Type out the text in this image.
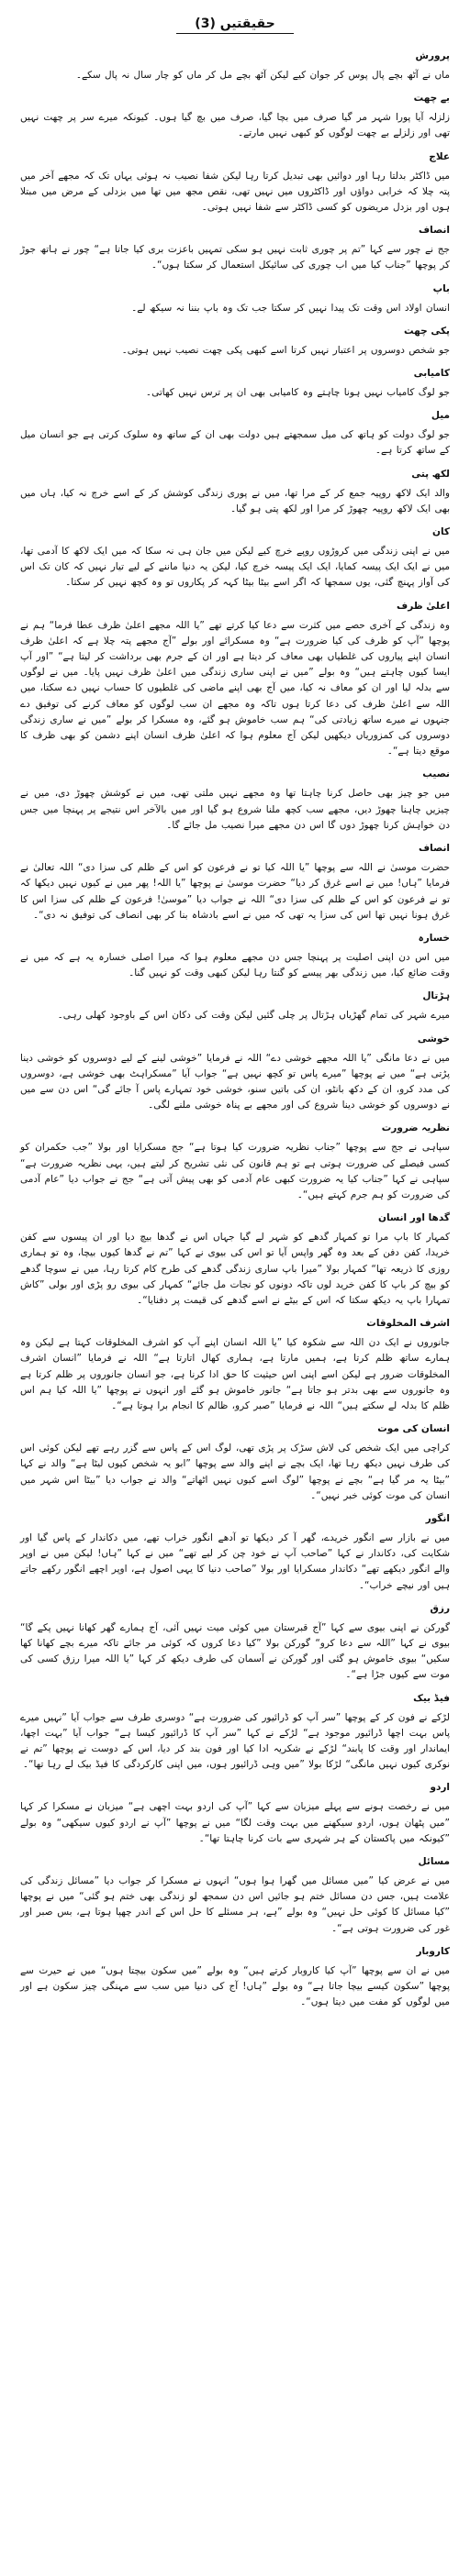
حقیقتیں (3)
پرورش

ماں نے آٹھ بچے پال پوس کر جوان کیے لیکن آٹھ بچے مل کر ماں کو چار سال نہ پال سکے۔

بے چھت

زلزلہ آیا پورا شہر مر گیا صرف میں بچا گیا، صرف میں بچ گیا ہوں۔ کیونکہ میرے سر پر چھت نہیں تھی اور زلزلے بے چھت لوگوں کو کبھی نہیں مارتے۔

علاج

میں ڈاکٹر بدلتا رہا اور دوائیں بھی تبدیل کرتا رہا لیکن شفا نصیب نہ ہوئی یہاں تک کہ مجھے آخر میں پتہ چلا کہ خرابی دواؤں اور ڈاکٹروں میں نہیں تھی، نقص مجھ میں تھا میں بزدلی کے مرض میں مبتلا ہوں اور بزدل مریضوں کو کسی ڈاکٹر سے شفا نہیں ہوتی۔

انصاف

جج نے چور سے کہا ”تم پر چوری ثابت نہیں ہو سکی تمہیں باعزت بری کیا جاتا ہے“ چور نے ہاتھ جوڑ کر پوچھا ”جناب کیا میں اب چوری کی سائیکل استعمال کر سکتا ہوں“۔

باپ

انسان اولاد اس وقت تک پیدا نہیں کر سکتا جب تک وہ باپ بننا نہ سیکھ لے۔

پکی چھت

جو شخص دوسروں پر اعتبار نہیں کرتا اسے کبھی پکی چھت نصیب نہیں ہوتی۔

کامیابی

جو لوگ کامیاب نہیں ہونا چاہتے وہ کامیابی بھی ان پر ترس نہیں کھاتی۔

میل

جو لوگ دولت کو ہاتھ کی میل سمجھتے ہیں دولت بھی ان کے ساتھ وہ سلوک کرتی ہے جو انسان میل کے ساتھ کرتا ہے۔

لکھ پتی

والد ایک لاکھ روپیہ جمع کر کے مرا تھا، میں نے پوری زندگی کوشش کر کے اسے خرچ نہ کیا، ہاں میں بھی ایک لاکھ روپیہ چھوڑ کر مرا اور لکھ پتی ہو گیا۔

کان

میں نے اپنی زندگی میں کروڑوں روپے خرچ کیے لیکن میں جان ہی نہ سکا کہ میں ایک لاکھ کا آدمی تھا، میں نے ایک ایک پیسہ کمایا، ایک ایک پیسہ خرچ کیا، لیکن یہ دنیا ماننے کے لیے تیار نہیں کہ کان تک اس کی آواز پہنچ گئی، یوں سمجھا کہ اگر اسے بیٹا بیٹا کہہ کر پکاروں تو وہ کچھ نہیں کر سکتا۔

اعلیٰ ظرف

وہ زندگی کے آخری حصے میں کثرت سے دعا کیا کرتے تھے ”یا اللہ مجھے اعلیٰ ظرف عطا فرما“ ہم نے پوچھا ”آپ کو ظرف کی کیا ضرورت ہے“ وہ مسکرائے اور بولے ”آج مجھے پتہ چلا ہے کہ اعلیٰ ظرف انسان اپنے پیاروں کی غلطیاں بھی معاف کر دیتا ہے اور ان کے جرم بھی برداشت کر لیتا ہے“ ”اور آپ ایسا کیوں چاہتے ہیں“ وہ بولے ”میں نے اپنی ساری زندگی میں اعلیٰ ظرف نہیں پایا۔ میں نے لوگوں سے بدلہ لیا اور ان کو معاف نہ کیا، میں آج بھی اپنے ماضی کی غلطیوں کا حساب نہیں دے سکتا، میں اللہ سے اعلیٰ ظرف کی دعا کرتا ہوں تاکہ وہ مجھے ان سب لوگوں کو معاف کرنے کی توفیق دے جنہوں نے میرے ساتھ زیادتی کی“ ہم سب خاموش ہو گئے، وہ مسکرا کر بولے ”میں نے ساری زندگی دوسروں کی کمزوریاں دیکھیں لیکن آج معلوم ہوا کہ اعلیٰ ظرف انسان اپنے دشمن کو بھی ظرف کا موقع دیتا ہے“۔

نصیب

میں جو چیز بھی حاصل کرنا چاہتا تھا وہ مجھے نہیں ملتی تھی، میں نے کوشش چھوڑ دی، میں نے چیزیں چاہنا چھوڑ دیں، مجھے سب کچھ ملنا شروع ہو گیا اور میں بالآخر اس نتیجے پر پہنچا میں جس دن خواہش کرنا چھوڑ دوں گا اس دن مجھے میرا نصیب مل جائے گا۔

انصاف

حضرت موسیٰ نے اللہ سے پوچھا ”یا اللہ کیا تو نے فرعون کو اس کے ظلم کی سزا دی“ اللہ تعالیٰ نے فرمایا ”ہاں! میں نے اسے غرق کر دیا“ حضرت موسیٰ نے پوچھا ”یا اللہ! پھر میں نے کیوں نہیں دیکھا کہ تو نے فرعون کو اس کے ظلم کی سزا دی“ اللہ نے جواب دیا ”موسیٰ! فرعون کے ظلم کی سزا اس کا غرق ہونا نہیں تھا اس کی سزا یہ تھی کہ میں نے اسے بادشاہ بنا کر بھی انصاف کی توفیق نہ دی“۔

خسارہ

میں اس دن اپنی اصلیت پر پہنچا جس دن مجھے معلوم ہوا کہ میرا اصلی خسارہ یہ ہے کہ میں نے وقت ضائع کیا، میں زندگی بھر پیسے کو گنتا رہا لیکن کبھی وقت کو نہیں گنا۔

ہڑتال

میرے شہر کی تمام گھڑیاں ہڑتال پر چلی گئیں لیکن وقت کی دکان اس کے باوجود کھلی رہی۔

خوشی

میں نے دعا مانگی ”یا اللہ مجھے خوشی دے“ اللہ نے فرمایا ”خوشی لینے کے لیے دوسروں کو خوشی دینا پڑتی ہے“ میں نے پوچھا ”میرے پاس تو کچھ نہیں ہے“ جواب آیا ”مسکراہٹ بھی خوشی ہے، دوسروں کی مدد کرو، ان کے دکھ بانٹو، ان کی باتیں سنو، خوشی خود تمہارے پاس آ جائے گی“ اس دن سے میں نے دوسروں کو خوشی دینا شروع کی اور مجھے بے پناہ خوشی ملنے لگی۔

نظریہ ضرورت

سپاہی نے جج سے پوچھا ”جناب نظریہ ضرورت کیا ہوتا ہے“ جج مسکرایا اور بولا ”جب حکمران کو کسی فیصلے کی ضرورت ہوتی ہے تو ہم قانون کی نئی تشریح کر لیتے ہیں، یہی نظریہ ضرورت ہے“ سپاہی نے کہا ”جناب کیا یہ ضرورت کبھی عام آدمی کو بھی پیش آتی ہے“ جج نے جواب دیا ”عام آدمی کی ضرورت کو ہم جرم کہتے ہیں“۔

گدھا اور انسان

کمہار کا باپ مرا تو کمہار گدھے کو شہر لے گیا جہاں اس نے گدھا بیچ دیا اور ان پیسوں سے کفن خریدا، کفن دفن کے بعد وہ گھر واپس آیا تو اس کی بیوی نے کہا ”تم نے گدھا کیوں بیچا، وہ تو ہماری روزی کا ذریعہ تھا“ کمہار بولا ”میرا باپ ساری زندگی گدھے کی طرح کام کرتا رہا، میں نے سوچا گدھے کو بیچ کر باپ کا کفن خرید لوں تاکہ دونوں کو نجات مل جائے“ کمہار کی بیوی رو پڑی اور بولی ”کاش تمہارا باپ یہ دیکھ سکتا کہ اس کے بیٹے نے اسے گدھے کی قیمت پر دفنایا“۔

اشرف المخلوقات

جانوروں نے ایک دن اللہ سے شکوہ کیا ”یا اللہ انسان اپنے آپ کو اشرف المخلوقات کہتا ہے لیکن وہ ہمارے ساتھ ظلم کرتا ہے، ہمیں مارتا ہے، ہماری کھال اتارتا ہے“ اللہ نے فرمایا ”انسان اشرف المخلوقات ضرور ہے لیکن اسے اپنی اس حیثیت کا حق ادا کرنا ہے، جو انسان جانوروں پر ظلم کرتا ہے وہ جانوروں سے بھی بدتر ہو جاتا ہے“ جانور خاموش ہو گئے اور انہوں نے پوچھا ”یا اللہ کیا ہم اس ظلم کا بدلہ لے سکتے ہیں“ اللہ نے فرمایا ”صبر کرو، ظالم کا انجام برا ہوتا ہے“۔

انسان کی موت

کراچی میں ایک شخص کی لاش سڑک پر پڑی تھی، لوگ اس کے پاس سے گزر رہے تھے لیکن کوئی اس کی طرف نہیں دیکھ رہا تھا، ایک بچے نے اپنے والد سے پوچھا ”ابو یہ شخص کیوں لیٹا ہے“ والد نے کہا ”بیٹا یہ مر گیا ہے“ بچے نے پوچھا ”لوگ اسے کیوں نہیں اٹھاتے“ والد نے جواب دیا ”بیٹا اس شہر میں انسان کی موت کوئی خبر نہیں“۔

انگور

میں نے بازار سے انگور خریدے، گھر آ کر دیکھا تو آدھے انگور خراب تھے، میں دکاندار کے پاس گیا اور شکایت کی، دکاندار نے کہا ”صاحب آپ نے خود چن کر لیے تھے“ میں نے کہا ”ہاں! لیکن میں نے اوپر والے انگور دیکھے تھے“ دکاندار مسکرایا اور بولا ”صاحب دنیا کا یہی اصول ہے، اوپر اچھے انگور رکھے جاتے ہیں اور نیچے خراب“۔

رزق

گورکن نے اپنی بیوی سے کہا ”آج قبرستان میں کوئی میت نہیں آئی، آج ہمارے گھر کھانا نہیں پکے گا“ بیوی نے کہا ”اللہ سے دعا کرو“ گورکن بولا ”کیا دعا کروں کہ کوئی مر جائے تاکہ میرے بچے کھانا کھا سکیں“ بیوی خاموش ہو گئی اور گورکن نے آسمان کی طرف دیکھ کر کہا ”یا اللہ میرا رزق کسی کی موت سے کیوں جڑا ہے“۔

فیڈ بیک

لڑکے نے فون کر کے پوچھا ”سر آپ کو ڈرائیور کی ضرورت ہے“ دوسری طرف سے جواب آیا ”نہیں میرے پاس بہت اچھا ڈرائیور موجود ہے“ لڑکے نے کہا ”سر آپ کا ڈرائیور کیسا ہے“ جواب آیا ”بہت اچھا، ایماندار اور وقت کا پابند“ لڑکے نے شکریہ ادا کیا اور فون بند کر دیا، اس کے دوست نے پوچھا ”تم نے نوکری کیوں نہیں مانگی“ لڑکا بولا ”میں وہی ڈرائیور ہوں، میں اپنی کارکردگی کا فیڈ بیک لے رہا تھا“۔

اردو

میں نے رخصت ہونے سے پہلے میزبان سے کہا ”آپ کی اردو بہت اچھی ہے“ میزبان نے مسکرا کر کہا ”میں پٹھان ہوں، اردو سیکھنے میں بہت وقت لگا“ میں نے پوچھا ”آپ نے اردو کیوں سیکھی“ وہ بولے ”کیونکہ میں پاکستان کے ہر شہری سے بات کرنا چاہتا تھا“۔

مسائل

میں نے عرض کیا ”میں مسائل میں گھرا ہوا ہوں“ انہوں نے مسکرا کر جواب دیا ”مسائل زندگی کی علامت ہیں، جس دن مسائل ختم ہو جائیں اس دن سمجھ لو زندگی بھی ختم ہو گئی“ میں نے پوچھا ”کیا مسائل کا کوئی حل نہیں“ وہ بولے ”ہے، ہر مسئلے کا حل اس کے اندر چھپا ہوتا ہے، بس صبر اور غور کی ضرورت ہوتی ہے“۔

کاروبار

میں نے ان سے پوچھا ”آپ کیا کاروبار کرتے ہیں“ وہ بولے ”میں سکون بیچتا ہوں“ میں نے حیرت سے پوچھا ”سکون کیسے بیچا جاتا ہے“ وہ بولے ”ہاں! آج کی دنیا میں سب سے مہنگی چیز سکون ہے اور میں لوگوں کو مفت میں دیتا ہوں“۔
